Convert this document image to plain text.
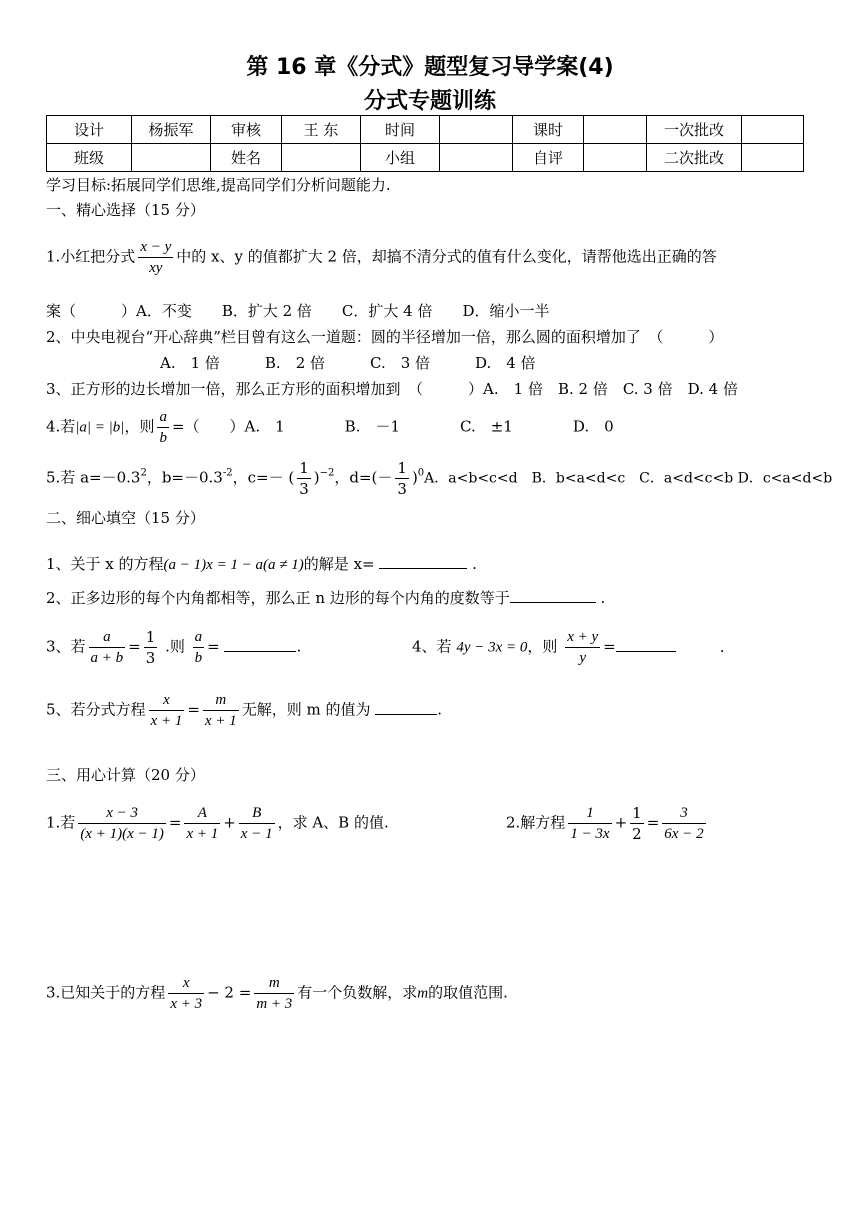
第 16 章《分式》题型复习导学案(4)
分式专题训练
设计	杨振军	审核	王 东	时间		课时		一次批改	
班级		姓名		小组		自评		二次批改	
学习目标:拓展同学们思维,提高同学们分析问题能力.
一、精心选择（15 分）
1.小红把分式 $\frac{x - y}{xy}$ 中的 x、y 的值都扩大 2 倍，却搞不清分式的值有什么变化，请帮他选出正确的答
案（　　　）A．不变　　B．扩大 2 倍　　C．扩大 4 倍　　D．缩小一半
2、中央电视台“开心辞典”栏目曾有这么一道题：圆的半径增加一倍，那么圆的面积增加了　（　　　）
A.　1 倍　　　B.　2 倍　　　C.　3 倍　　　D.　4 倍
3、正方形的边长增加一倍，那么正方形的面积增加到　（　　　）A.　1 倍　B. 2 倍　C. 3 倍　D. 4 倍
4.若|a| = |b|，则 $\frac{a}{b}$ =（　　）A.　1　　　　B.　－1　　　　C.　±1　　　　D.　0
5.若 $a=-0.3^2$，$b=-0.3^{-2}$，c=－ ( $\frac{1}{3} )^{-2}$，$d=(- \frac{1}{3} )^0A$．a<b<c<d　B．b<a<d<c　C．a<d<c<b D．c<a<d<b
二、细心填空（15 分）
1、关于 x 的方程(a − 1)x = 1 − a(a ≠ 1)的解是 x=	.
2、正多边形的每个内角都相等，那么正 n 边形的每个内角的度数等于	.
3、若 $\frac{a}{a + b} = \frac{1}{3}$ .则 $\frac{a}{b}$ =	.	4、若 4y − 3x = 0，则 $\frac{x + y}{y}$ =	.
5、若分式方程 $\frac{x}{x + 1} = \frac{m}{x + 1}$ 无解，则 m 的值为	.
三、用心计算（20 分）
1.若 $\frac{x - 3}{(x + 1)(x - 1)} = \frac{A}{x + 1} + \frac{B}{x - 1}$ ，求 A、B 的值.	2.解方程 $\frac{1}{1 - 3x} + \frac{1}{2} = \frac{3}{6x - 2}$
3.已知关于的方程 $\frac{x}{x + 3} - 2 = \frac{m}{m + 3}$ 有一个负数解，求m的取值范围.
